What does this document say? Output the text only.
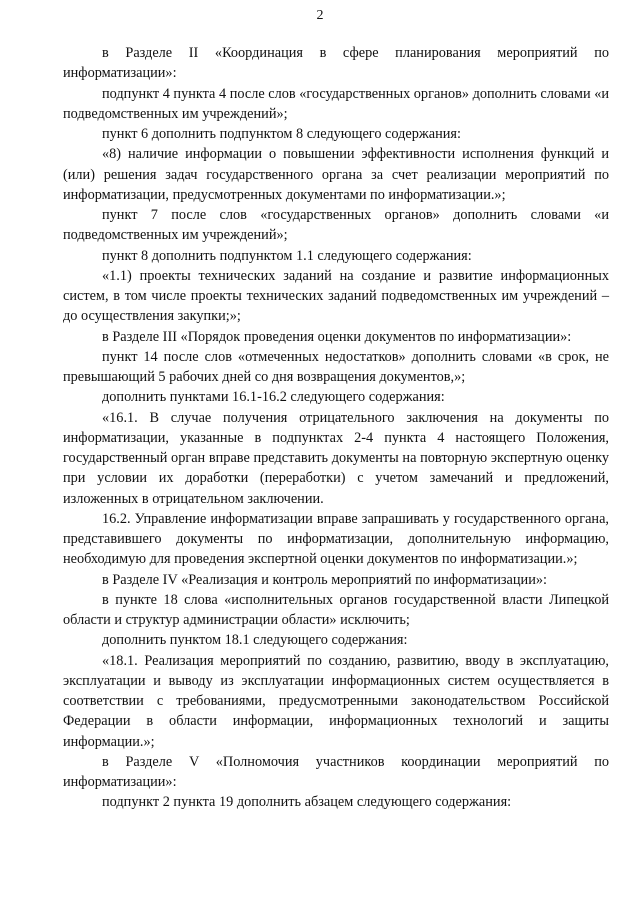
2

в Разделе II «Координация в сфере планирования мероприятий по информатизации»:

подпункт 4 пункта 4 после слов «государственных органов» дополнить словами «и подведомственных им учреждений»;

пункт 6 дополнить подпунктом 8 следующего содержания:

«8) наличие информации о повышении эффективности исполнения функций и (или) решения задач государственного органа за счет реализации мероприятий по информатизации, предусмотренных документами по информатизации.»;

пункт 7 после слов «государственных органов» дополнить словами «и подведомственных им учреждений»;

пункт 8 дополнить подпунктом 1.1 следующего содержания:

«1.1) проекты технических заданий на создание и развитие информационных систем, в том числе проекты технических заданий подведомственных им учреждений – до осуществления закупки;»;

в Разделе III «Порядок проведения оценки документов по информатизации»:

пункт 14 после слов «отмеченных недостатков» дополнить словами «в срок, не превышающий 5 рабочих дней со дня возвращения документов,»;

дополнить пунктами 16.1-16.2 следующего содержания:

«16.1. В случае получения отрицательного заключения на документы по информатизации, указанные в подпунктах 2-4 пункта 4 настоящего Положения, государственный орган вправе представить документы на повторную экспертную оценку при условии их доработки (переработки) с учетом замечаний и предложений, изложенных в отрицательном заключении.

16.2. Управление информатизации вправе запрашивать у государственного органа, представившего документы по информатизации, дополнительную информацию, необходимую для проведения экспертной оценки документов по информатизации.»;

в Разделе IV «Реализация и контроль мероприятий по информатизации»:

в пункте 18 слова «исполнительных органов государственной власти Липецкой области и структур администрации области» исключить;

дополнить пунктом 18.1 следующего содержания:

«18.1. Реализация мероприятий по созданию, развитию, вводу в эксплуатацию, эксплуатации и выводу из эксплуатации информационных систем осуществляется в соответствии с требованиями, предусмотренными законодательством Российской Федерации в области информации, информационных технологий и защиты информации.»;

в Разделе V «Полномочия участников координации мероприятий по информатизации»:

подпункт 2 пункта 19 дополнить абзацем следующего содержания:
